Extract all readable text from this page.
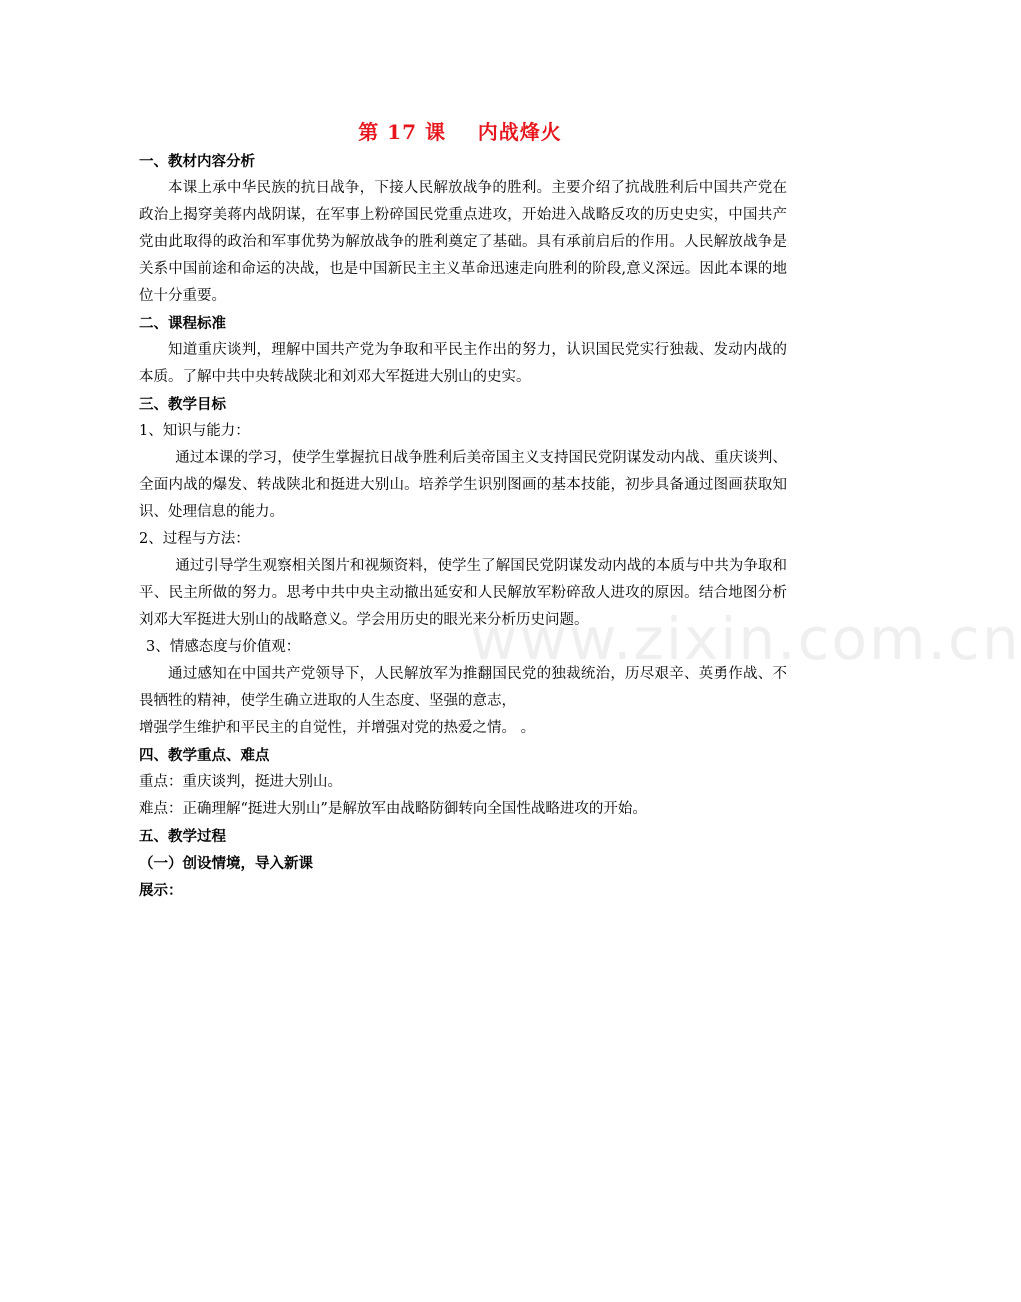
第 17 课    内战烽火
www.zixin.com.cn

一、教材内容分析

本课上承中华民族的抗日战争，下接人民解放战争的胜利。主要介绍了抗战胜利后中国共产党在政治上揭穿美蒋内战阴谋，在军事上粉碎国民党重点进攻，开始进入战略反攻的历史史实，中国共产党由此取得的政治和军事优势为解放战争的胜利奠定了基础。具有承前启后的作用。人民解放战争是关系中国前途和命运的决战，也是中国新民主主义革命迅速走向胜利的阶段,意义深远。因此本课的地位十分重要。

二、课程标准

知道重庆谈判，理解中国共产党为争取和平民主作出的努力，认识国民党实行独裁、发动内战的本质。了解中共中央转战陕北和刘邓大军挺进大别山的史实。

三、教学目标

1、知识与能力：

通过本课的学习，使学生掌握抗日战争胜利后美帝国主义支持国民党阴谋发动内战、重庆谈判、全面内战的爆发、转战陕北和挺进大别山。培养学生识别图画的基本技能，初步具备通过图画获取知识、处理信息的能力。

2、过程与方法：

通过引导学生观察相关图片和视频资料，使学生了解国民党阴谋发动内战的本质与中共为争取和平、民主所做的努力。思考中共中央主动撤出延安和人民解放军粉碎敌人进攻的原因。结合地图分析刘邓大军挺进大别山的战略意义。学会用历史的眼光来分析历史问题。

3、情感态度与价值观：

通过感知在中国共产党领导下，人民解放军为推翻国民党的独裁统治，历尽艰辛、英勇作战、不畏牺牲的精神，使学生确立进取的人生态度、坚强的意志，

增强学生维护和平民主的自觉性，并增强对党的热爱之情。 。

四、教学重点、难点

重点：重庆谈判，挺进大别山。

难点：正确理解“挺进大别山”是解放军由战略防御转向全国性战略进攻的开始。

五、教学过程

（一）创设情境，导入新课

展示：
